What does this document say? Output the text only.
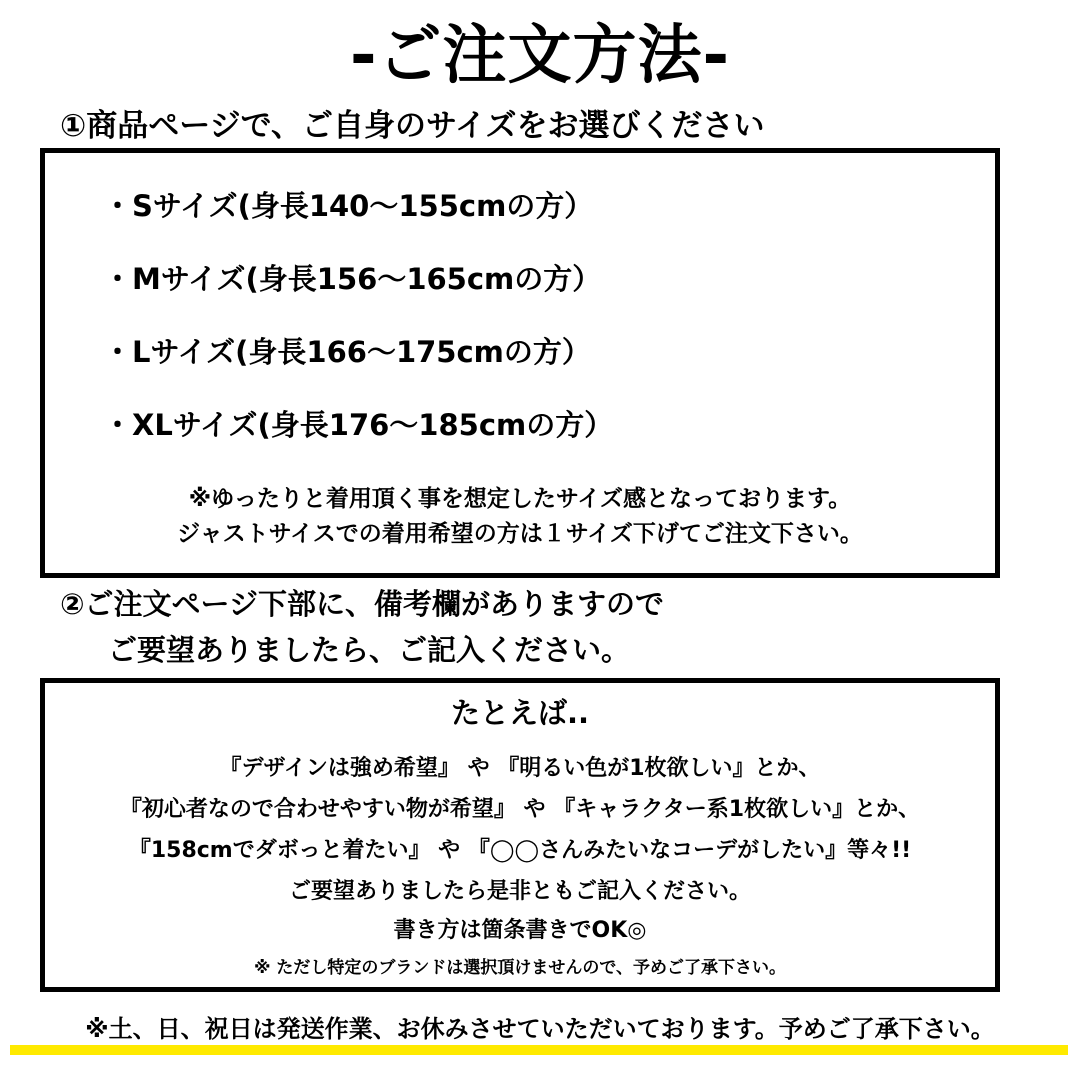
-ご注文方法-
①商品ページで、ご自身のサイズをお選びください
・Sサイズ(身長140〜155cmの方）
・Mサイズ(身長156〜165cmの方）
・Lサイズ(身長166〜175cmの方）
・XLサイズ(身長176〜185cmの方）
※ゆったりと着用頂く事を想定したサイズ感となっております。
ジャストサイスでの着用希望の方は１サイズ下げてご注文下さい。
②ご注文ページ下部に、備考欄がありますので
ご要望ありましたら、ご記入ください。
たとえば..
『デザインは強め希望』 や 『明るい色が1枚欲しい』とか、
『初心者なので合わせやすい物が希望』 や 『キャラクター系1枚欲しい』とか、
『158cmでダボっと着たい』 や 『◯◯さんみたいなコーデがしたい』等々!!
ご要望ありましたら是非ともご記入ください。
書き方は箇条書きでOK◎
※ ただし特定のブランドは選択頂けませんので、予めご了承下さい。
※土、日、祝日は発送作業、お休みさせていただいております。予めご了承下さい。
